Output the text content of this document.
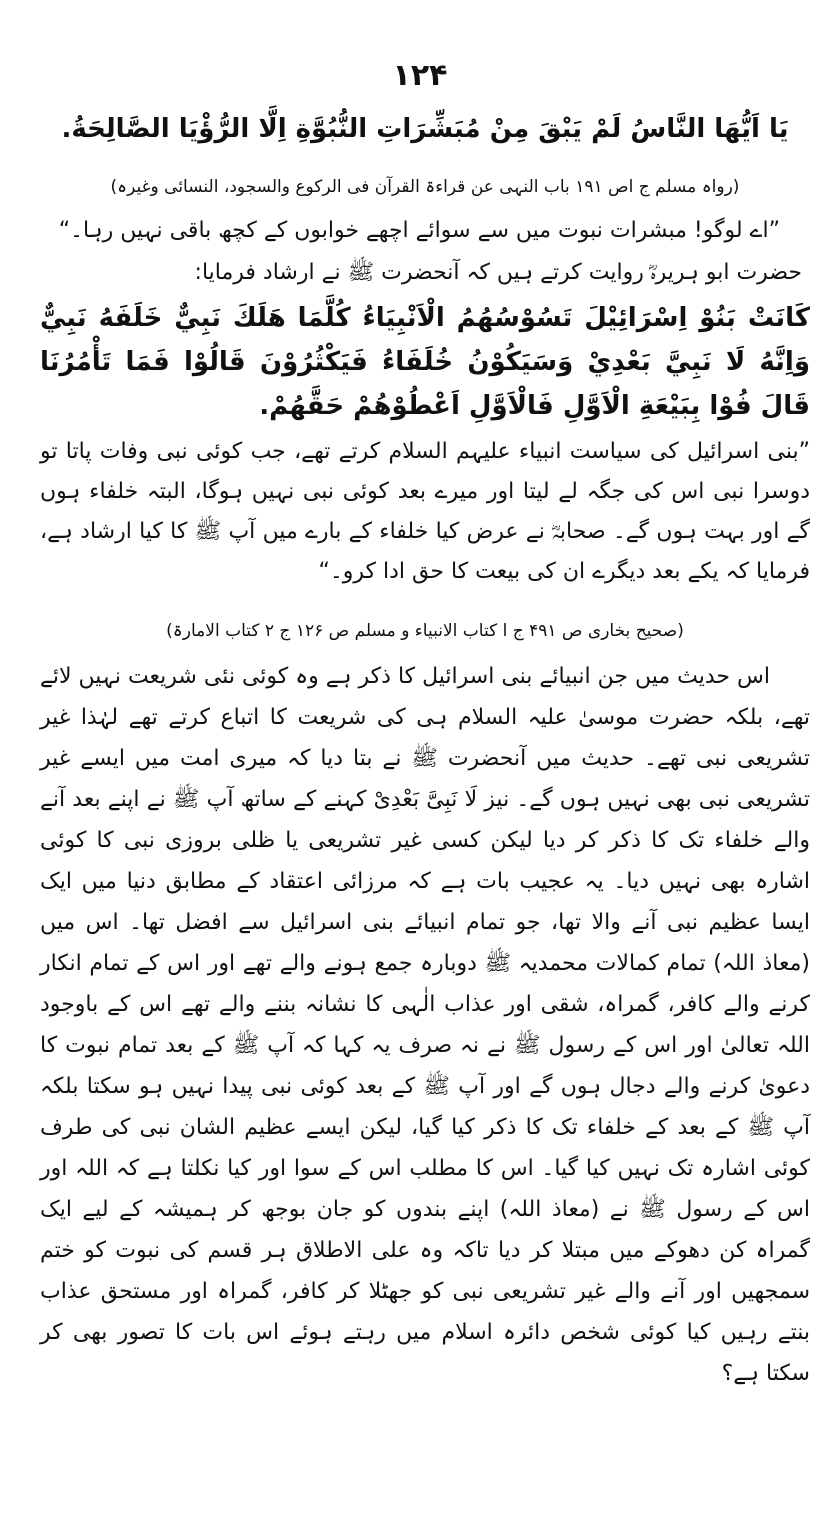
۱۲۴

يَا اَيُّهَا النَّاسُ لَمْ يَبْقَ مِنْ مُبَشِّرَاتِ النُّبُوَّةِ اِلَّا الرُّؤْيَا الصَّالِحَةُ.

(رواہ مسلم ج اص ۱۹۱ باب النہی عن قراءۃ القرآن فی الرکوع والسجود، النسائی وغیرہ)

”اے لوگو! مبشرات نبوت میں سے سوائے اچھے خوابوں کے کچھ باقی نہیں رہا۔“

حضرت ابو ہریرہؓ روایت کرتے ہیں کہ آنحضرت ﷺ نے ارشاد فرمایا:

كَانَتْ بَنُوْ اِسْرَائِيْلَ تَسُوْسُهُمُ الْاَنْبِيَاءُ كُلَّمَا هَلَكَ نَبِيٌّ خَلَفَهُ نَبِيٌّ وَاِنَّهُ لَا نَبِيَّ بَعْدِيْ وَسَيَكُوْنُ خُلَفَاءُ فَيَكْثُرُوْنَ قَالُوْا فَمَا تَأْمُرُنَا قَالَ فُوْا بِبَيْعَةِ الْاَوَّلِ فَالْاَوَّلِ اَعْطُوْهُمْ حَقَّهُمْ.

”بنی اسرائیل کی سیاست انبیاء علیہم السلام کرتے تھے، جب کوئی نبی وفات پاتا تو دوسرا نبی اس کی جگہ لے لیتا اور میرے بعد کوئی نبی نہیں ہوگا، البتہ خلفاء ہوں گے اور بہت ہوں گے۔ صحابہؓ نے عرض کیا خلفاء کے بارے میں آپ ﷺ کا کیا ارشاد ہے، فرمایا کہ یکے بعد دیگرے ان کی بیعت کا حق ادا کرو۔“

(صحیح بخاری ص ۴۹۱ ج ا کتاب الانبیاء و مسلم ص ۱۲۶ ج ۲ کتاب الامارۃ)

اس حدیث میں جن انبیائے بنی اسرائیل کا ذکر ہے وہ کوئی نئی شریعت نہیں لائے تھے، بلکہ حضرت موسیٰ علیہ السلام ہی کی شریعت کا اتباع کرتے تھے لہٰذا غیر تشریعی نبی تھے۔ حدیث میں آنحضرت ﷺ نے بتا دیا کہ میری امت میں ایسے غیر تشریعی نبی بھی نہیں ہوں گے۔ نیز لَا نَبِیَّ بَعْدِیْ کہنے کے ساتھ آپ ﷺ نے اپنے بعد آنے والے خلفاء تک کا ذکر کر دیا لیکن کسی غیر تشریعی یا ظلی بروزی نبی کا کوئی اشارہ بھی نہیں دیا۔ یہ عجیب بات ہے کہ مرزائی اعتقاد کے مطابق دنیا میں ایک ایسا عظیم نبی آنے والا تھا، جو تمام انبیائے بنی اسرائیل سے افضل تھا۔ اس میں (معاذ اللہ) تمام کمالات محمدیہ ﷺ دوبارہ جمع ہونے والے تھے اور اس کے تمام انکار کرنے والے کافر، گمراہ، شقی اور عذاب الٰہی کا نشانہ بننے والے تھے اس کے باوجود اللہ تعالیٰ اور اس کے رسول ﷺ نے نہ صرف یہ کہا کہ آپ ﷺ کے بعد تمام نبوت کا دعویٰ کرنے والے دجال ہوں گے اور آپ ﷺ کے بعد کوئی نبی پیدا نہیں ہو سکتا بلکہ آپ ﷺ کے بعد کے خلفاء تک کا ذکر کیا گیا، لیکن ایسے عظیم الشان نبی کی طرف کوئی اشارہ تک نہیں کیا گیا۔ اس کا مطلب اس کے سوا اور کیا نکلتا ہے کہ اللہ اور اس کے رسول ﷺ نے (معاذ اللہ) اپنے بندوں کو جان بوجھ کر ہمیشہ کے لیے ایک گمراہ کن دھوکے میں مبتلا کر دیا تاکہ وہ علی الاطلاق ہر قسم کی نبوت کو ختم سمجھیں اور آنے والے غیر تشریعی نبی کو جھٹلا کر کافر، گمراہ اور مستحق عذاب بنتے رہیں کیا کوئی شخص دائرہ اسلام میں رہتے ہوئے اس بات کا تصور بھی کر سکتا ہے؟
